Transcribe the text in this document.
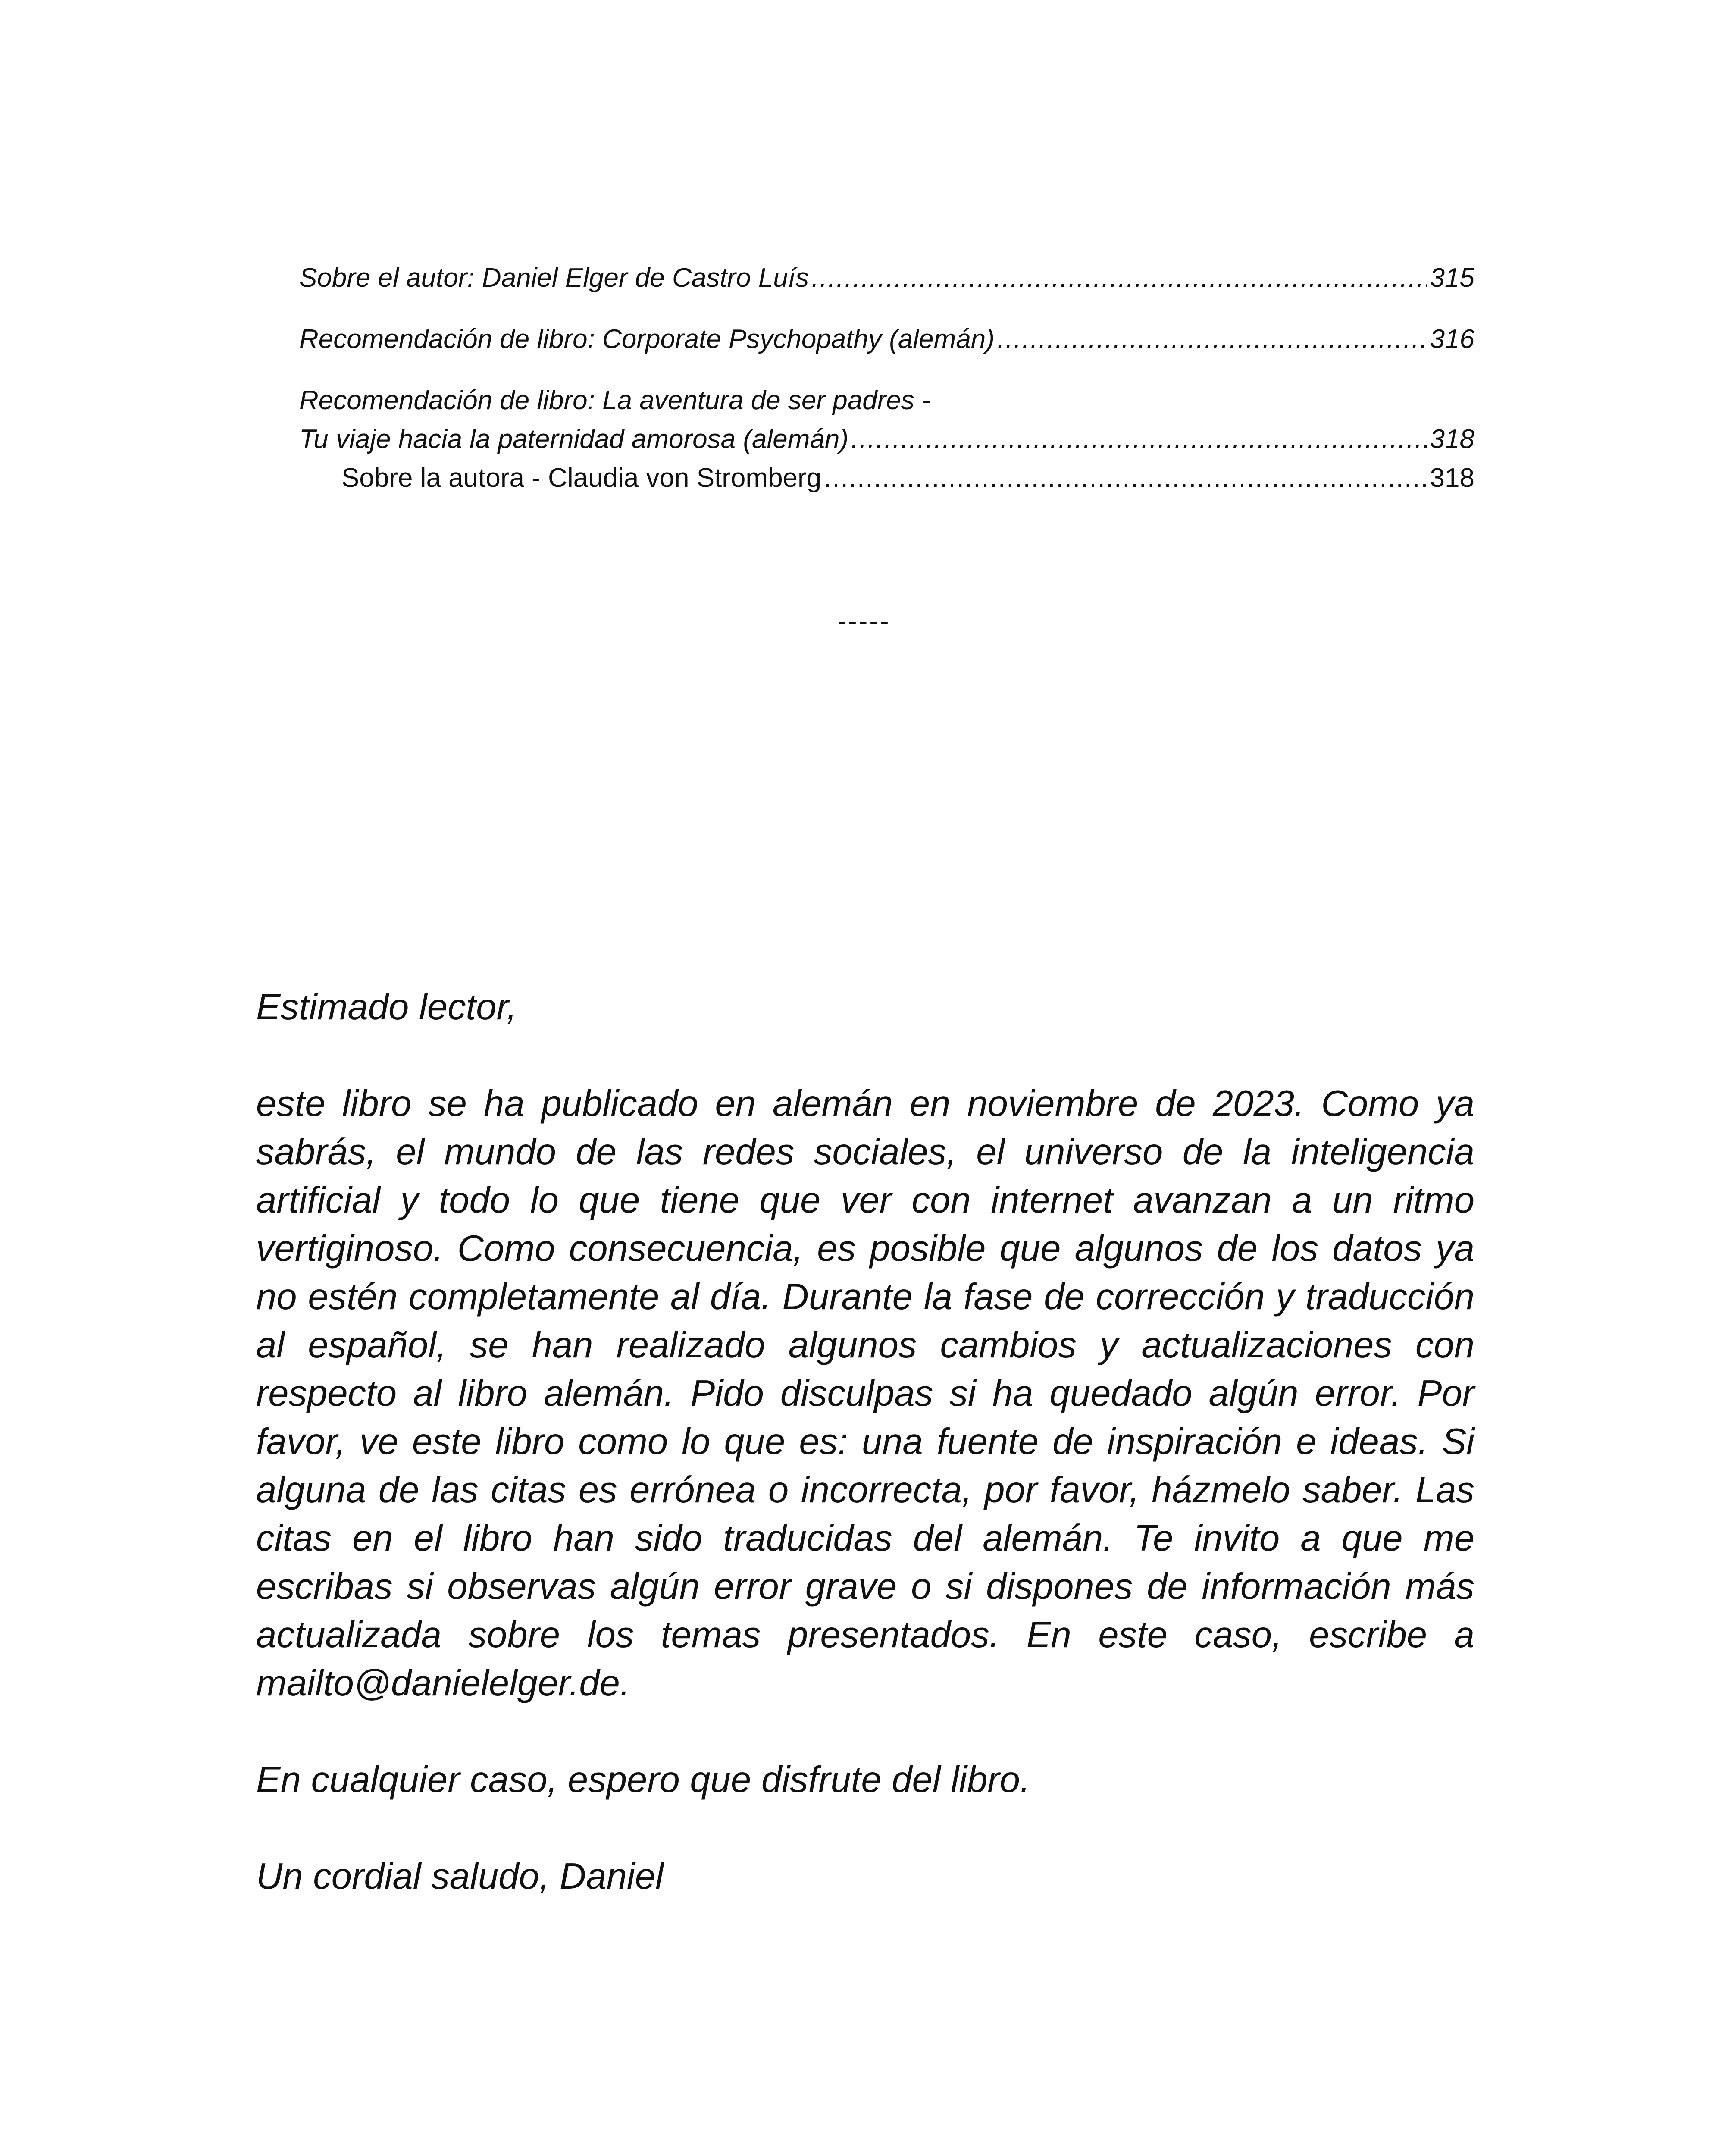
Sobre el autor: Daniel Elger de Castro Luís .....	315
Recomendación de libro: Corporate Psychopathy (alemán) .....	316
Recomendación de libro: La aventura de ser padres -
Tu viaje hacia la paternidad amorosa (alemán) .....	318
Sobre la autora - Claudia von Stromberg .....	318
-----

Estimado lector,

este libro se ha publicado en alemán en noviembre de 2023. Como ya sabrás, el mundo de las redes sociales, el universo de la inteligencia artificial y todo lo que tiene que ver con internet avanzan a un ritmo vertiginoso. Como consecuencia, es posible que algunos de los datos ya no estén completamente al día. Durante la fase de corrección y traducción al español, se han realizado algunos cambios y actualizaciones con respecto al libro alemán. Pido disculpas si ha quedado algún error. Por favor, ve este libro como lo que es: una fuente de inspiración e ideas. Si alguna de las citas es errónea o incorrecta, por favor, házmelo saber. Las citas en el libro han sido traducidas del alemán. Te invito a que me escribas si observas algún error grave o si dispones de información más actualizada sobre los temas presentados. En este caso, escribe a mailto@danielelger.de.

En cualquier caso, espero que disfrute del libro.

Un cordial saludo, Daniel
